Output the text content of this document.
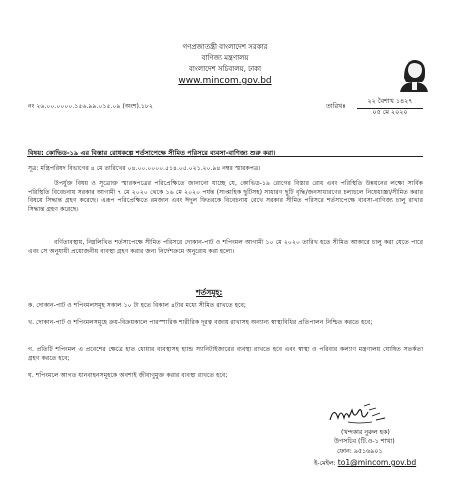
গণপ্রজাতন্ত্রী বাংলাদেশ সরকার
বাণিজ্য মন্ত্রণালয়
বাংলাদেশ সচিবালয়, ঢাকা
www.mincom.gov.bd
নং ২৬.০০.০০০০.১৫৬.৯৯.০১৫.০৯ (অংশ).১৮২	তারিখঃ
২২ বৈশাখ ১৪২৭
০৫ মে ২০২০
বিষয়: কোভিড-১৯ এর বিস্তার রোধকল্পে শর্তসাপেক্ষে সীমিত পরিসরে ব্যবসা-বাণিজ্য শুরু করা।
সূত্র: মন্ত্রিপরিষদ বিভাগের ৪ মে তারিখের ০৪.০০.০০০০.৫১৪.০৫.০২১.২০.৯৪ নম্বর স্মারকপত্র।
উপর্যুক্ত বিষয় ও সূত্রোক্ত স্মারকপত্রের পরিপ্রেক্ষিতে জানানো যাচ্ছে যে, কোভিড-১৯ রোগের বিস্তার রোধ এবং পরিস্থিতি উন্নয়নের লক্ষ্যে সার্বিক পরিস্থিতি বিবেচনায় সরকার আগামী ৭ মে ২০২০ থেকে ১৬ মে ২০২০ পর্যন্ত (সাপ্তাহিক ছুটিসহ) সাধারণ ছুটি বৃদ্ধি/জনসাধারণের চলাচলে নিষেধাজ্ঞা/সীমিত করার বিষয়ে সিদ্ধান্ত গ্রহণ করেছে। এরূপ পরিপ্রেক্ষিতে রমজান এবং ঈদুল ফিতরকে বিবেচনায় রেখে সরকার সীমিত পরিসরে শর্তসাপেক্ষে ব্যবসা-বাণিজ্য চালু রাখার সিদ্ধান্ত গ্রহণ করেছে।
বর্ণিতাবস্থায়, নিম্নলিখিত শর্তসাপেক্ষে সীমিত পরিসরে দোকান-পাট ও শপিংমল আগামী ১০ মে ২০২০ তারিখ হতে সীমিত আকারে চালু করা যেতে পারে এবং সে অনুযায়ী প্রয়োজনীয় ব্যবস্থা গ্রহণ করার জন্য নির্দেশক্রমে অনুরোধ করা হলো।
শর্তসমূহ:
ক. দোকান-পাট ও শপিংমলসমূহ সকাল ১০ টা হতে বিকাল ৪টার মধ্যে সীমিত রাখতে হবে;
খ. দোকান-পাট ও শপিংমলসমূহে ক্রয়-বিক্রয়কালে পারস্পারিক শারীরিক দূরত্ব বজায় রাখাসহ অন্যান্য স্বাস্থ্যবিধির প্রতিপালন নিশ্চিত করতে হবে;
গ. প্রতিটি শপিংমল এ প্রবেশের ক্ষেত্রে হাত ধোয়ার ব্যবস্থাসহ হ্যান্ড স্যানিটাইজারের ব্যবস্থা রাখতে হবে এবং স্বাস্থ্য ও পরিবার কল্যাণ মন্ত্রণালয় ঘোষিত সতর্কতা গ্রহণ করতে হবে;
ঘ. শপিংমলে আগত যানবাহনসমূহকে অবশ্যই জীবাণুমুক্ত করার ব্যবস্থা রাখতে হবে;
(খন্দকার নুরুল হক)
উপসচিব (টি.ও-১ শাখা)
ফোন: ৯৫১৬৯০১
ই-মেইল: to1@mincom.gov.bd
